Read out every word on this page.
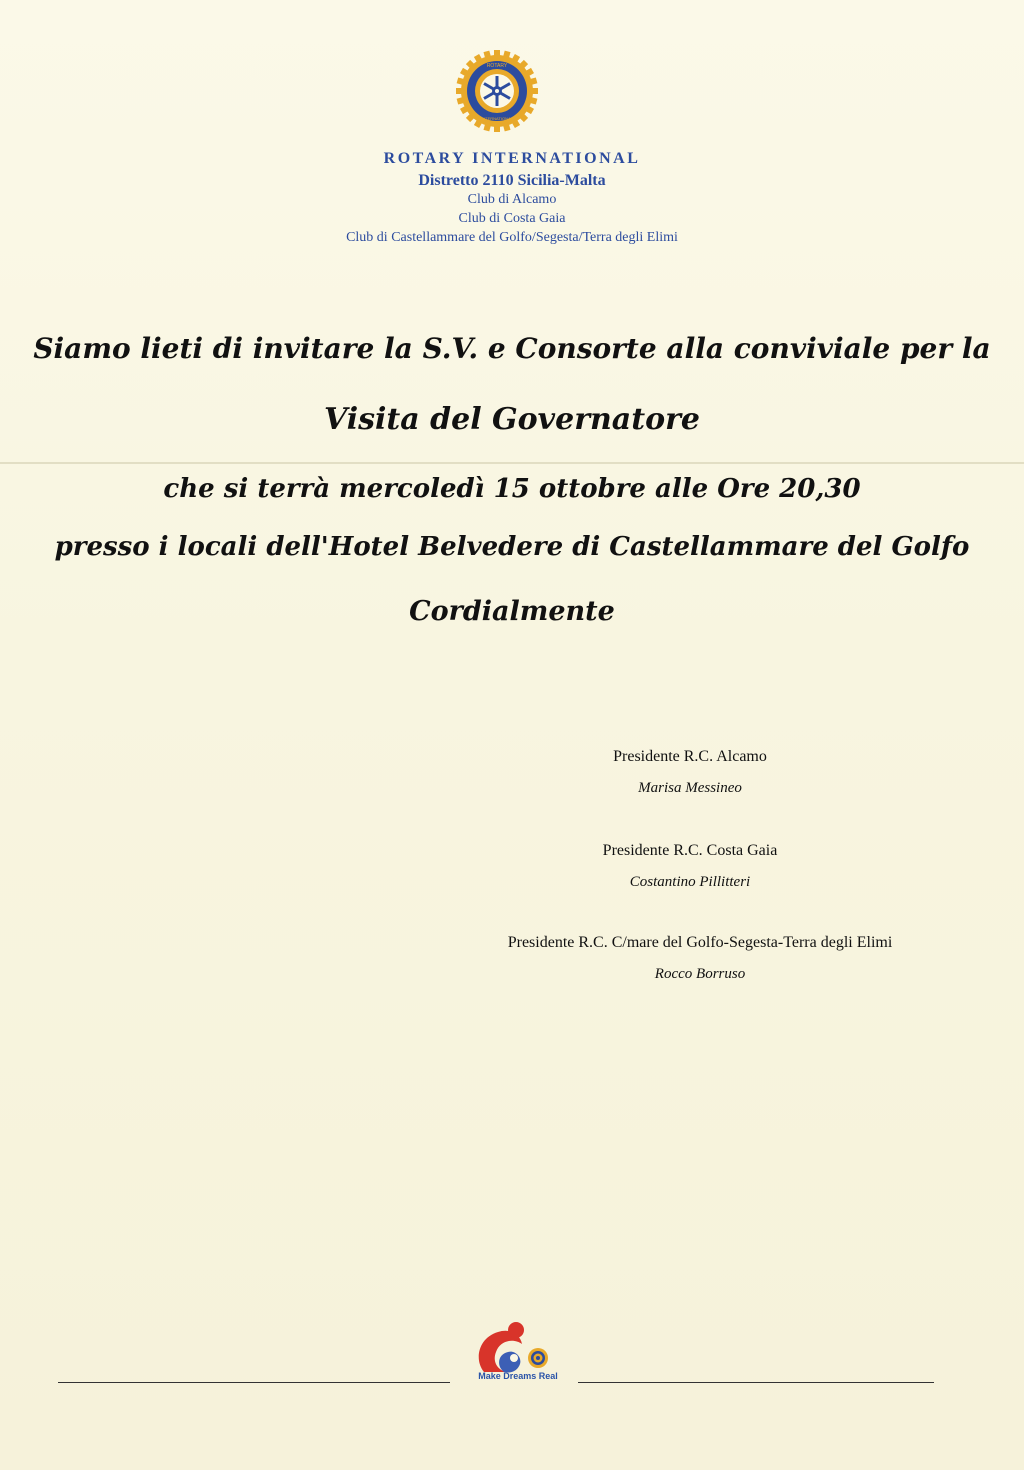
ROTARY
INTERNATIONAL
ROTARY INTERNATIONAL
Distretto 2110 Sicilia-Malta
Club di Alcamo
Club di Costa Gaia
Club di Castellammare del Golfo/Segesta/Terra degli Elimi
Siamo lieti di invitare la S.V. e Consorte alla conviviale per la
Visita del Governatore
che si terrà mercoledì 15 ottobre alle Ore 20,30
presso i locali dell'Hotel Belvedere di Castellammare del Golfo
Cordialmente
Presidente R.C. Alcamo
Marisa Messineo
Presidente R.C. Costa Gaia
Costantino Pillitteri
Presidente R.C. C/mare del Golfo-Segesta-Terra degli Elimi
Rocco Borruso
Make Dreams Real
